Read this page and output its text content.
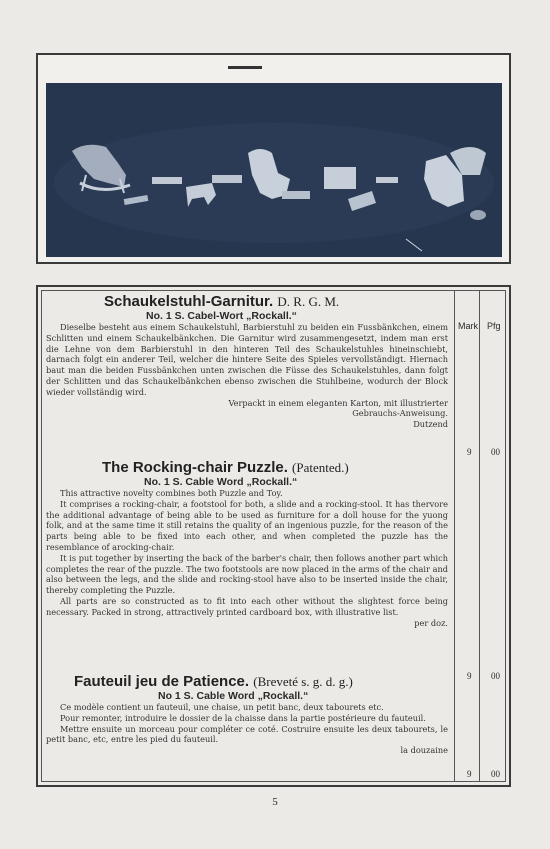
Mark Pfg
Schaukelstuhl-Garnitur. D. R. G. M.
No. 1 S. Cabel-Wort „Rockall.“

Dieselbe besteht aus einem Schaukelstuhl, Barbierstuhl zu beiden ein Fussbänkchen, einem Schlitten und einem Schaukelbänkchen. Die Garnitur wird zusammengesetzt, indem man erst die Lehne von dem Barbierstuhl in den hinteren Teil des Schaukelstuhles hineinschiebt, darnach folgt ein anderer Teil, welcher die hintere Seite des Spieles vervollständigt. Hiernach baut man die beiden Fussbänkchen unten zwischen die Füsse des Schaukelstuhles, dann folgt der Schlitten und das Schaukelbänkchen ebenso zwischen die Stuhlbeine, wodurch der Block wieder vollständig wird.

Verpackt in einem eleganten Karton, mit illustrierter Gebrauchs-Anweisung.

Dutzend

The Rocking-chair Puzzle. (Patented.)
No. 1 S. Cable Word „Rockall.“

This attractive novelty combines both Puzzle and Toy.

It comprises a rocking-chair, a footstool for both, a slide and a rocking-stool. It has thervore the additional advantage of being able to be used as furniture for a doll house for the yuong folk, and at the same time it still retains the quality of an ingenious puzzle, for the reason of the parts being able to be fixed into each other, and when completed the puzzle has the resemblance of arocking-chair.

It is put together by inserting the back of the barber's chair, then follows another part which completes the rear of the puzzle. The two footstools are now placed in the arms of the chair and also between the legs, and the slide and rocking-stool have also to be inserted inside the chair, thereby completing the Puzzle.

All parts are so constructed as to fit into each other without the slightest force being necessary. Packed in strong, attractively printed cardboard box, with illustrative list.

per doz.

Fauteuil jeu de Patience. (Breveté s. g. d. g.)
No 1 S. Cable Word „Rockall.“

Ce modèle contient un fauteuil, une chaise, un petit banc, deux tabourets etc.

Pour remonter, introduire le dossier de la chaisse dans la partie postérieure du fauteuil.

Mettre ensuite un morceau pour compléter ce coté. Costruire ensuite les deux tabourets, le petit banc, etc, entre les pied du fauteuil.

la douzaine

9 00
9 00
9 00
5
